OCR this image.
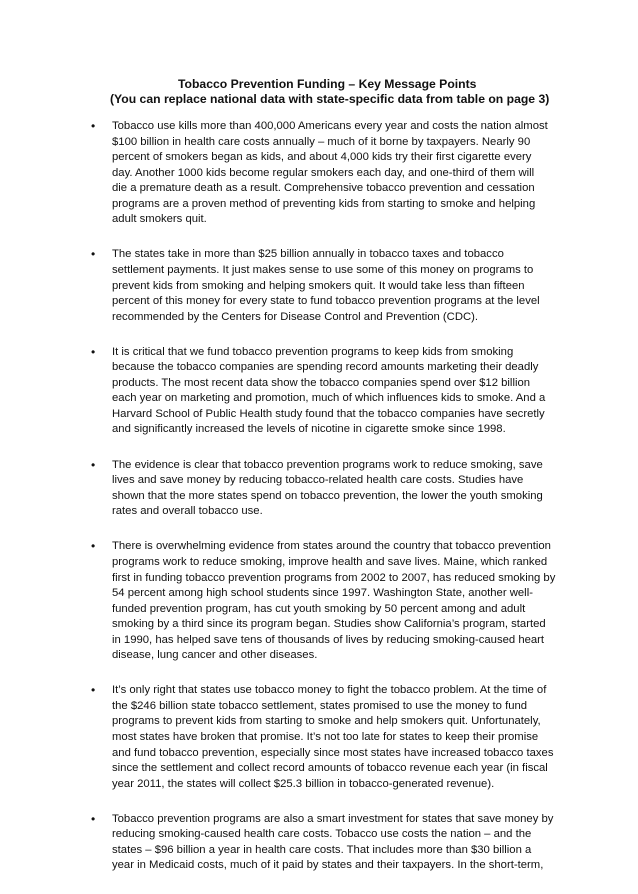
Tobacco Prevention Funding – Key Message Points

(You can replace national data with state-specific data from table on page 3)

• Tobacco use kills more than 400,000 Americans every year and costs the nation almost
$100 billion in health care costs annually – much of it borne by taxpayers. Nearly 90
percent of smokers began as kids, and about 4,000 kids try their first cigarette every
day. Another 1000 kids become regular smokers each day, and one-third of them will
die a premature death as a result. Comprehensive tobacco prevention and cessation
programs are a proven method of preventing kids from starting to smoke and helping
adult smokers quit.
• The states take in more than $25 billion annually in tobacco taxes and tobacco
settlement payments. It just makes sense to use some of this money on programs to
prevent kids from smoking and helping smokers quit. It would take less than fifteen
percent of this money for every state to fund tobacco prevention programs at the level
recommended by the Centers for Disease Control and Prevention (CDC).
• It is critical that we fund tobacco prevention programs to keep kids from smoking
because the tobacco companies are spending record amounts marketing their deadly
products. The most recent data show the tobacco companies spend over $12 billion
each year on marketing and promotion, much of which influences kids to smoke. And a
Harvard School of Public Health study found that the tobacco companies have secretly
and significantly increased the levels of nicotine in cigarette smoke since 1998.
• The evidence is clear that tobacco prevention programs work to reduce smoking, save
lives and save money by reducing tobacco-related health care costs. Studies have
shown that the more states spend on tobacco prevention, the lower the youth smoking
rates and overall tobacco use.
• There is overwhelming evidence from states around the country that tobacco prevention
programs work to reduce smoking, improve health and save lives. Maine, which ranked
first in funding tobacco prevention programs from 2002 to 2007, has reduced smoking by
54 percent among high school students since 1997. Washington State, another well-
funded prevention program, has cut youth smoking by 50 percent among and adult
smoking by a third since its program began. Studies show California’s program, started
in 1990, has helped save tens of thousands of lives by reducing smoking-caused heart
disease, lung cancer and other diseases.
• It’s only right that states use tobacco money to fight the tobacco problem. At the time of
the $246 billion state tobacco settlement, states promised to use the money to fund
programs to prevent kids from starting to smoke and help smokers quit. Unfortunately,
most states have broken that promise. It’s not too late for states to keep their promise
and fund tobacco prevention, especially since most states have increased tobacco taxes
since the settlement and collect record amounts of tobacco revenue each year (in fiscal
year 2011, the states will collect $25.3 billion in tobacco-generated revenue).
• Tobacco prevention programs are also a smart investment for states that save money by
reducing smoking-caused health care costs. Tobacco use costs the nation – and the
states – $96 billion a year in health care costs. That includes more than $30 billion a
year in Medicaid costs, much of it paid by states and their taxpayers. In the short-term,
